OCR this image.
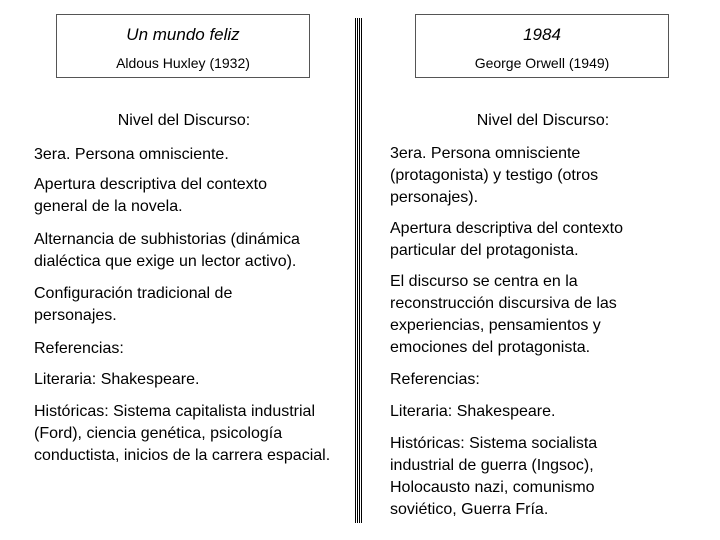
Un mundo feliz
Aldous Huxley (1932)
1984
George Orwell (1949)
Nivel del Discurso:

3era. Persona omnisciente.

Apertura descriptiva del contexto general de la novela.

Alternancia de subhistorias (dinámica dialéctica que exige un lector activo).

Configuración tradicional de personajes.

Referencias:

Literaria: Shakespeare.

Históricas: Sistema capitalista industrial (Ford), ciencia genética, psicología conductista, inicios de la carrera espacial.

Nivel del Discurso:

3era. Persona omnisciente (protagonista) y testigo (otros personajes).

Apertura descriptiva del contexto particular del protagonista.

El discurso se centra en la reconstrucción discursiva de las experiencias, pensamientos y emociones del protagonista.

Referencias:

Literaria: Shakespeare.

Históricas: Sistema socialista industrial de guerra (Ingsoc), Holocausto nazi, comunismo soviético, Guerra Fría.
